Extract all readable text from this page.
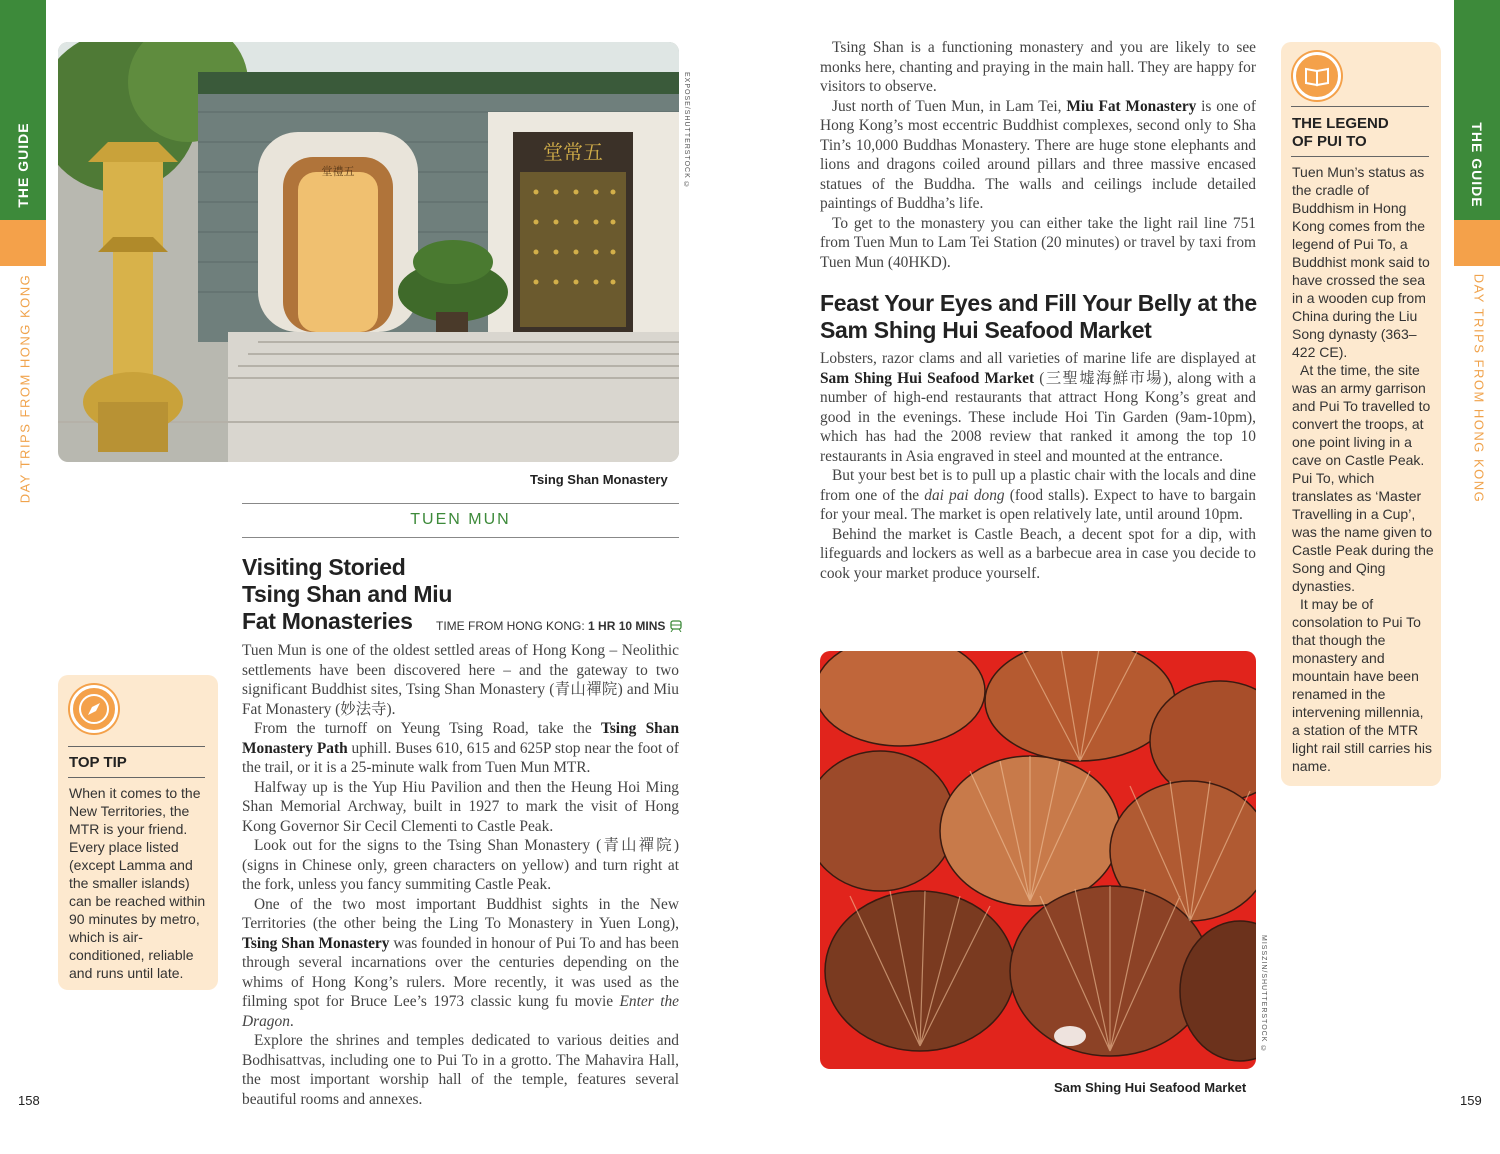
THE GUIDE
DAY TRIPS FROM HONG KONG
THE GUIDE
DAY TRIPS FROM HONG KONG
堂常五
堂禮五	EXPOSE/SHUTTERSTOCK ©
Tsing Shan Monastery
TUEN MUN
Visiting Storied
Tsing Shan and Miu
Fat Monasteries	TIME FROM HONG KONG: 1 HR 10 MINS

Tuen Mun is one of the oldest settled areas of Hong Kong – Neolithic settlements have been discovered here – and the gateway to two significant Buddhist sites, Tsing Shan Monastery (青山禪院) and Miu Fat Monastery (妙法寺).

From the turnoff on Yeung Tsing Road, take the Tsing Shan Monastery Path uphill. Buses 610, 615 and 625P stop near the foot of the trail, or it is a 25-minute walk from Tuen Mun MTR.

Halfway up is the Yup Hiu Pavilion and then the Heung Hoi Ming Shan Memorial Archway, built in 1927 to mark the visit of Hong Kong Governor Sir Cecil Clementi to Castle Peak.

Look out for the signs to the Tsing Shan Monastery (青山禪院) (signs in Chinese only, green characters on yellow) and turn right at the fork, unless you fancy summiting Castle Peak.

One of the two most important Buddhist sights in the New Territories (the other being the Ling To Monastery in Yuen Long), Tsing Shan Monastery was founded in honour of Pui To and has been through several incarnations over the centuries depending on the whims of Hong Kong’s rulers. More recently, it was used as the filming spot for Bruce Lee’s 1973 classic kung fu movie Enter the Dragon.

Explore the shrines and temples dedicated to various deities and Bodhisattvas, including one to Pui To in a grotto. The Mahavira Hall, the most important worship hall of the temple, features several beautiful rooms and annexes.

TOP TIP
When it comes to the New Territories, the MTR is your friend. Every place listed (except Lamma and the smaller islands) can be reached within 90 minutes by metro, which is air-conditioned, reliable and runs until late.

Tsing Shan is a functioning monastery and you are likely to see monks here, chanting and praying in the main hall. They are happy for visitors to observe.

Just north of Tuen Mun, in Lam Tei, Miu Fat Monastery is one of Hong Kong’s most eccentric Buddhist complexes, second only to Sha Tin’s 10,000 Buddhas Monastery. There are huge stone elephants and lions and dragons coiled around pillars and three massive encased statues of the Buddha. The walls and ceilings include detailed paintings of Buddha’s life.

To get to the monastery you can either take the light rail line 751 from Tuen Mun to Lam Tei Station (20 minutes) or travel by taxi from Tuen Mun (40HKD).

Feast Your Eyes and Fill Your Belly at the
Sam Shing Hui Seafood Market

Lobsters, razor clams and all varieties of marine life are displayed at Sam Shing Hui Seafood Market (三聖墟海鮮市場), along with a number of high-end restaurants that attract Hong Kong’s great and good in the evenings. These include Hoi Tin Garden (9am-10pm), which has had the 2008 review that ranked it among the top 10 restaurants in Asia engraved in steel and mounted at the entrance.

But your best bet is to pull up a plastic chair with the locals and dine from one of the dai pai dong (food stalls). Expect to have to bargain for your meal. The market is open relatively late, until around 10pm.

Behind the market is Castle Beach, a decent spot for a dip, with lifeguards and lockers as well as a barbecue area in case you decide to cook your market produce yourself.

MISSZIN/SHUTTERSTOCK ©
Sam Shing Hui Seafood Market
THE LEGEND
OF PUI TO
Tuen Mun’s status as the cradle of Buddhism in Hong Kong comes from the legend of Pui To, a Buddhist monk said to have crossed the sea in a wooden cup from China during the Liu Song dynasty (363–422 CE).
At the time, the site was an army garrison and Pui To travelled to convert the troops, at one point living in a cave on Castle Peak. Pui To, which translates as ‘Master Travelling in a Cup’, was the name given to Castle Peak during the Song and Qing dynasties.
It may be of consolation to Pui To that though the monastery and mountain have been renamed in the intervening millennia, a station of the MTR light rail still carries his name.
158	159
